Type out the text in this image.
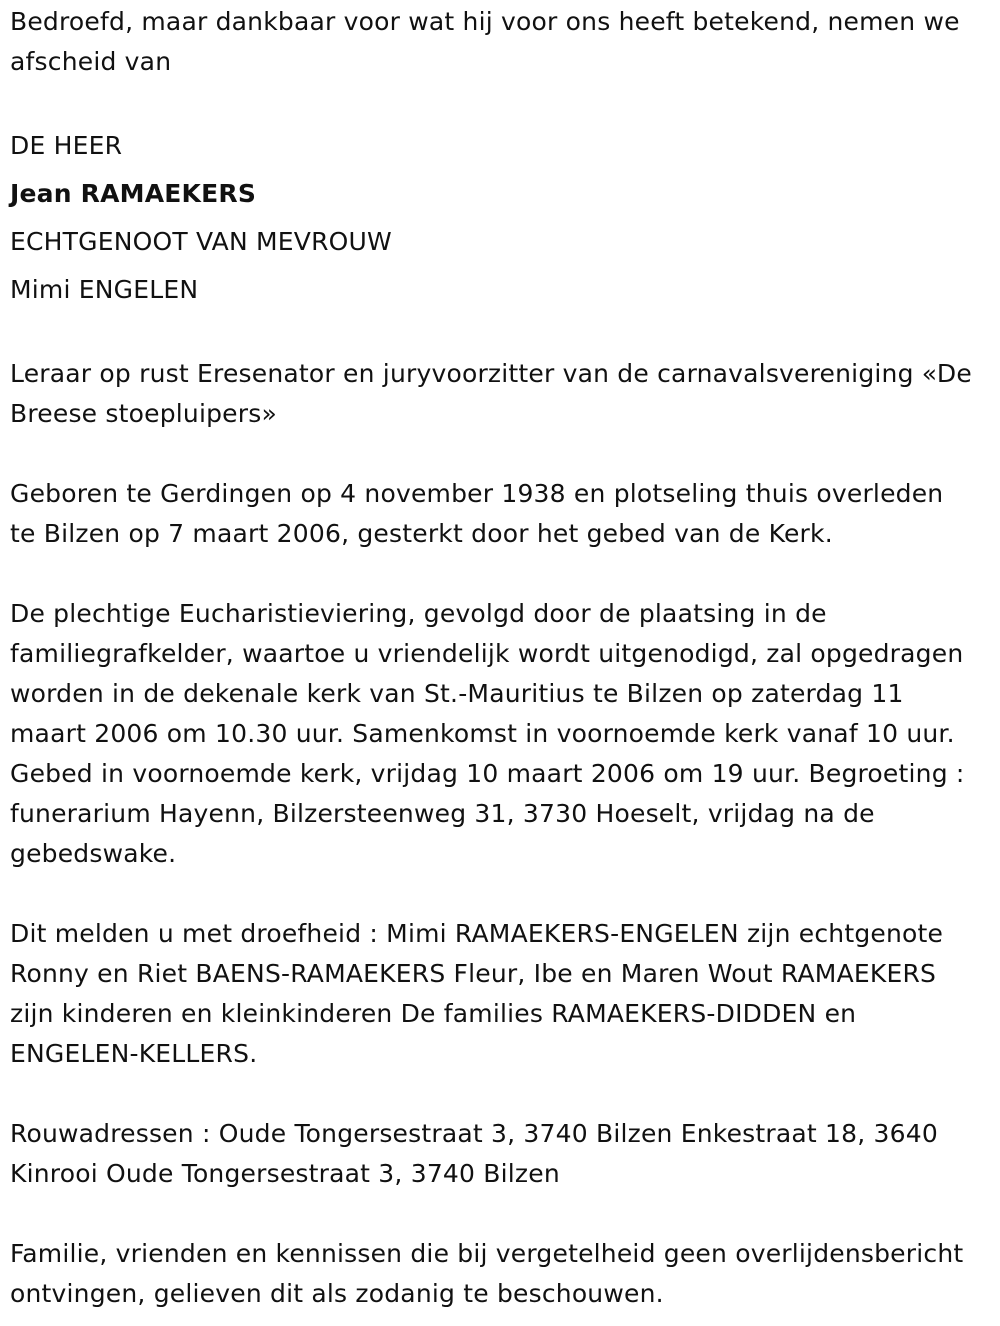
Bedroefd, maar dankbaar voor wat hij voor ons heeft betekend, nemen we afscheid van

DE HEER

Jean RAMAEKERS

ECHTGENOOT VAN MEVROUW

Mimi ENGELEN

Leraar op rust Eresenator en juryvoorzitter van de carnavalsvereniging «De Breese stoepluipers»

Geboren te Gerdingen op 4 november 1938 en plotseling thuis overleden te Bilzen op 7 maart 2006, gesterkt door het gebed van de Kerk.

De plechtige Eucharistieviering, gevolgd door de plaatsing in de familiegrafkelder, waartoe u vriendelijk wordt uitgenodigd, zal opgedragen worden in de dekenale kerk van St.-Mauritius te Bilzen op zaterdag 11 maart 2006 om 10.30 uur. Samenkomst in voornoemde kerk vanaf 10 uur. Gebed in voornoemde kerk, vrijdag 10 maart 2006 om 19 uur. Begroeting : funerarium Hayenn, Bilzersteenweg 31, 3730 Hoeselt, vrijdag na de gebedswake.

Dit melden u met droefheid : Mimi RAMAEKERS-ENGELEN zijn echtgenote Ronny en Riet BAENS-RAMAEKERS Fleur, Ibe en Maren Wout RAMAEKERS zijn kinderen en kleinkinderen De families RAMAEKERS-DIDDEN en ENGELEN-KELLERS.

Rouwadressen : Oude Tongersestraat 3, 3740 Bilzen Enkestraat 18, 3640 Kinrooi Oude Tongersestraat 3, 3740 Bilzen

Familie, vrienden en kennissen die bij vergetelheid geen overlijdensbericht ontvingen, gelieven dit als zodanig te beschouwen.
